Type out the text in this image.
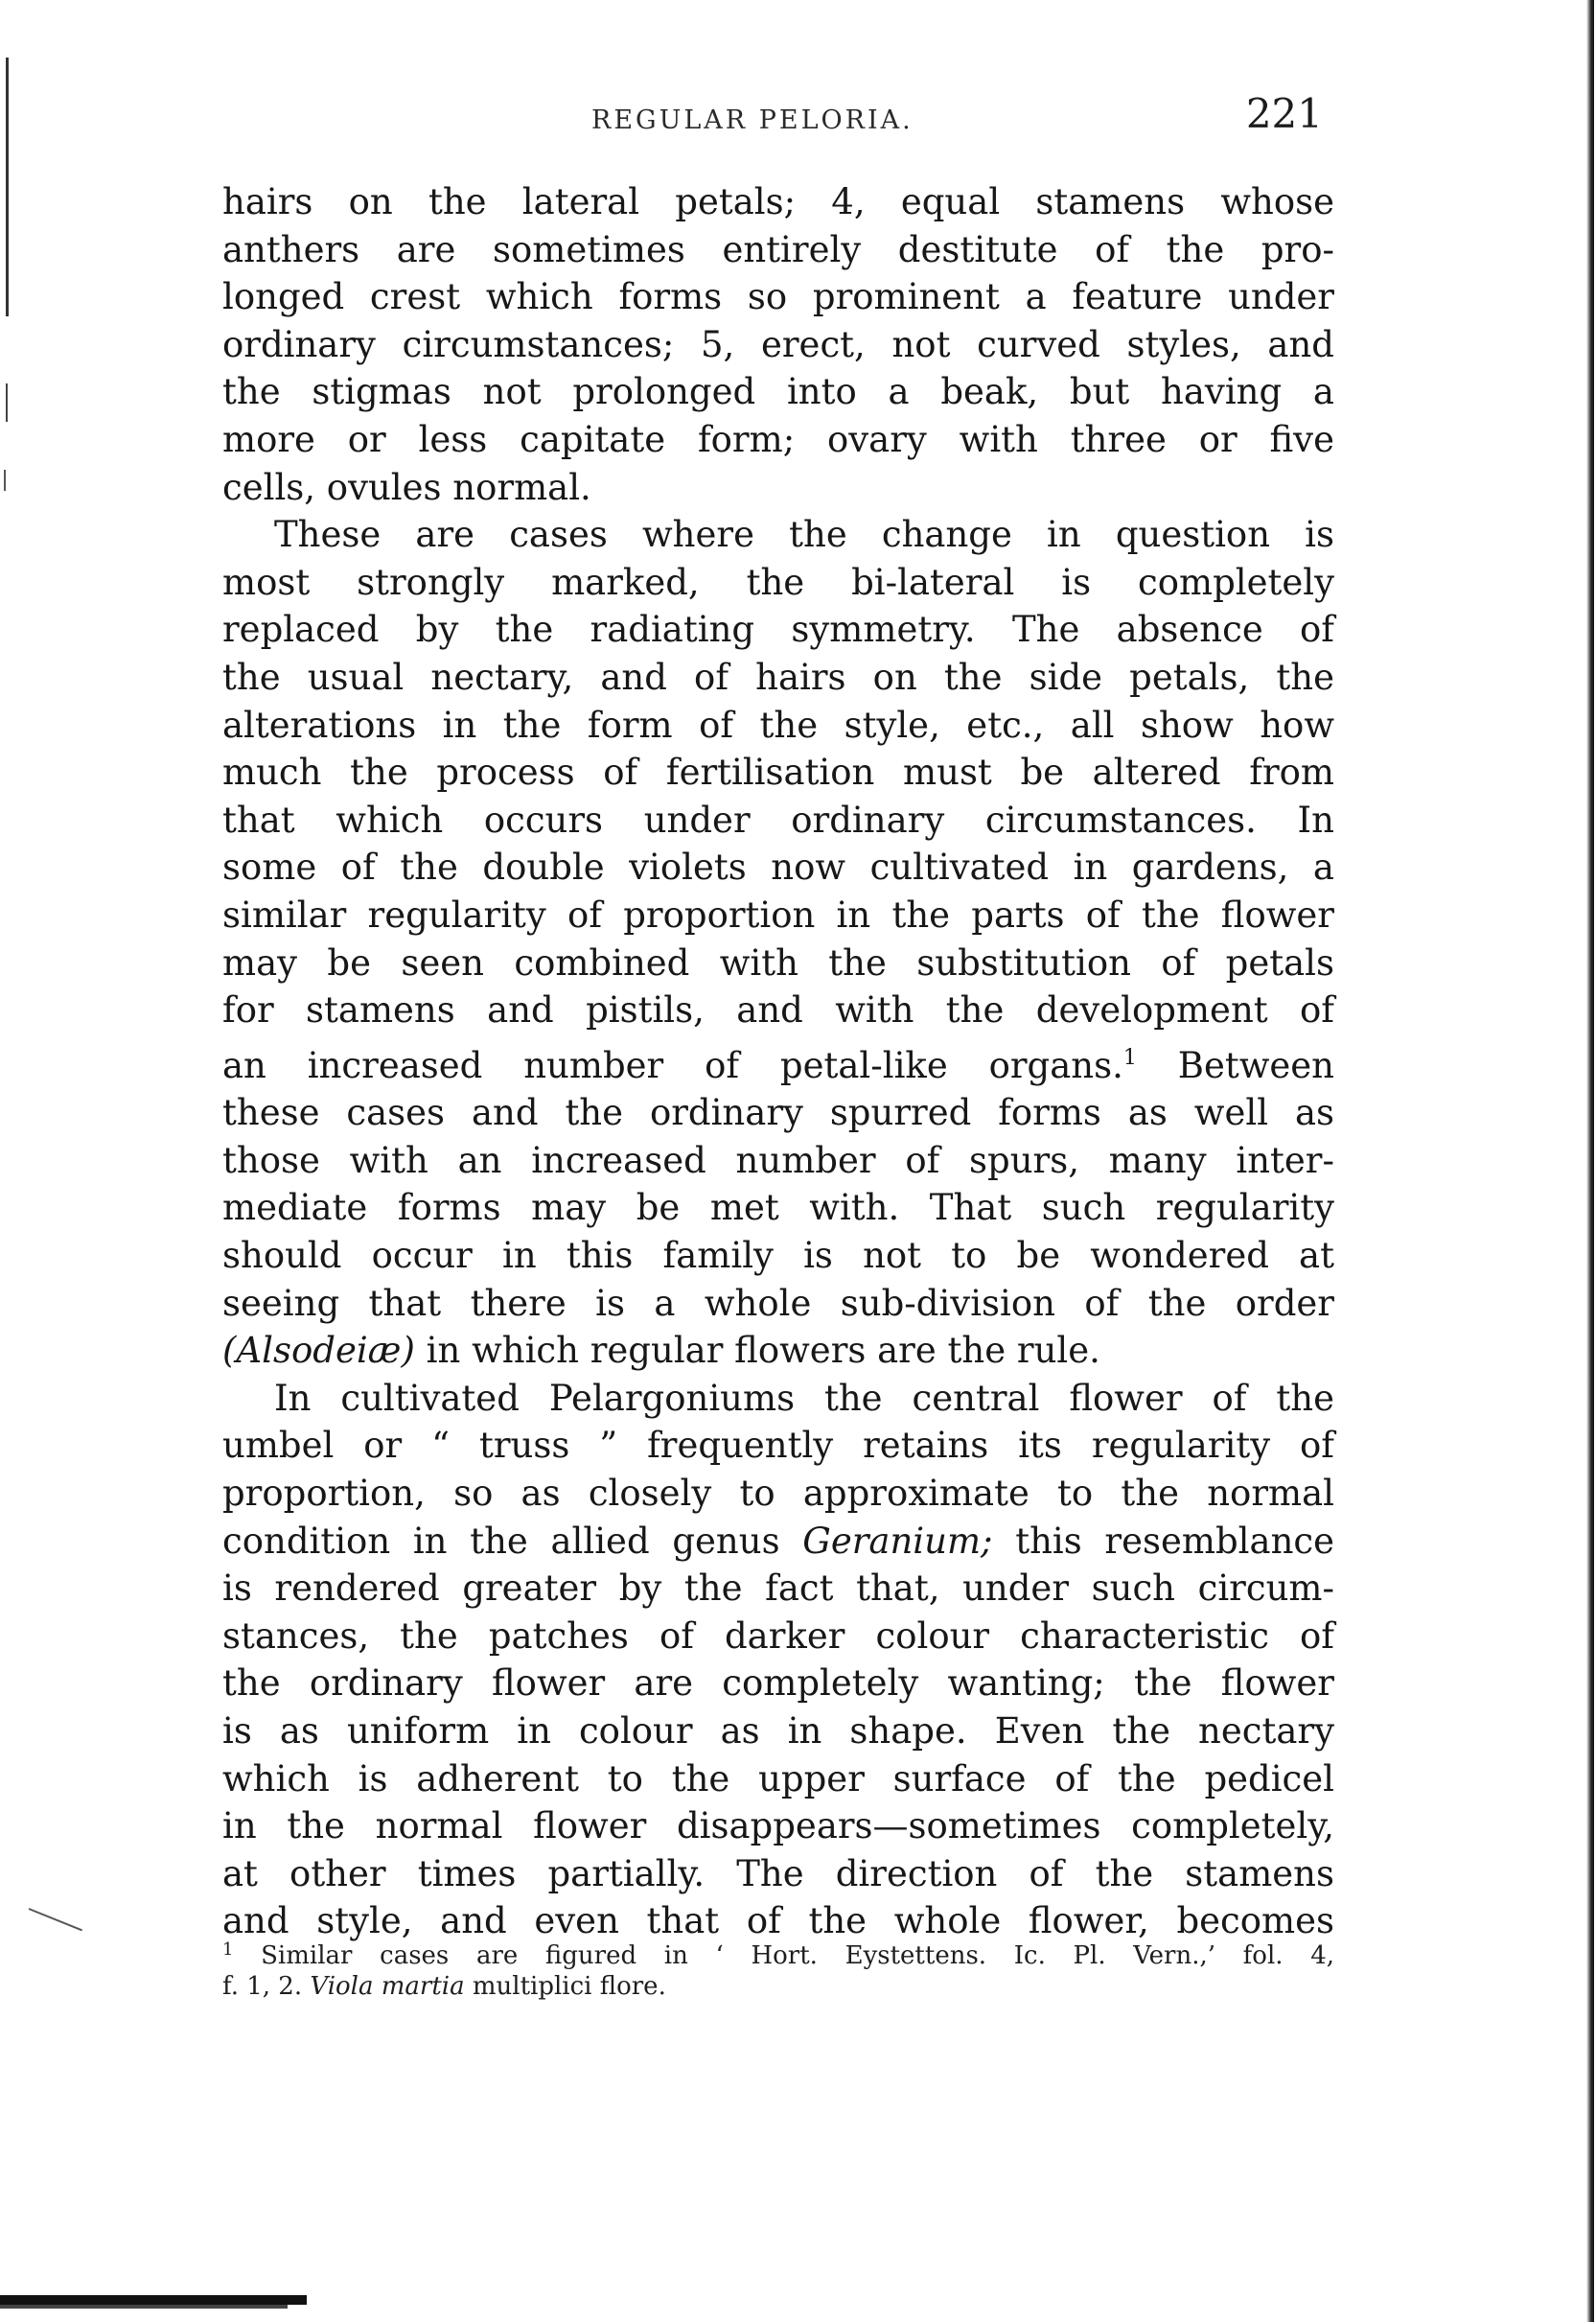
REGULAR PELORIA.	221
hairs on the lateral petals; 4, equal stamens whose
anthers are sometimes entirely destitute of the pro-
longed crest which forms so prominent a feature under
ordinary circumstances; 5, erect, not curved styles, and
the stigmas not prolonged into a beak, but having a
more or less capitate form; ovary with three or five
cells, ovules normal.
These are cases where the change in question is
most strongly marked, the bi-lateral is completely
replaced by the radiating symmetry. The absence of
the usual nectary, and of hairs on the side petals, the
alterations in the form of the style, etc., all show how
much the process of fertilisation must be altered from
that which occurs under ordinary circumstances. In
some of the double violets now cultivated in gardens, a
similar regularity of proportion in the parts of the flower
may be seen combined with the substitution of petals
for stamens and pistils, and with the development of
an increased number of petal-like organs.$^1$ Between
these cases and the ordinary spurred forms as well as
those with an increased number of spurs, many inter-
mediate forms may be met with. That such regularity
should occur in this family is not to be wondered at
seeing that there is a whole sub-division of the order
(Alsodeiæ) in which regular flowers are the rule.
In cultivated Pelargoniums the central flower of the
umbel or “ truss ” frequently retains its regularity of
proportion, so as closely to approximate to the normal
condition in the allied genus Geranium; this resemblance
is rendered greater by the fact that, under such circum-
stances, the patches of darker colour characteristic of
the ordinary flower are completely wanting; the flower
is as uniform in colour as in shape. Even the nectary
which is adherent to the upper surface of the pedicel
in the normal flower disappears—sometimes completely,
at other times partially. The direction of the stamens
and style, and even that of the whole flower, becomes
$^1$ Similar cases are figured in ‘ Hort. Eystettens. Ic. Pl. Vern.,’ fol. 4,
f. 1, 2. Viola martia multiplici flore.
